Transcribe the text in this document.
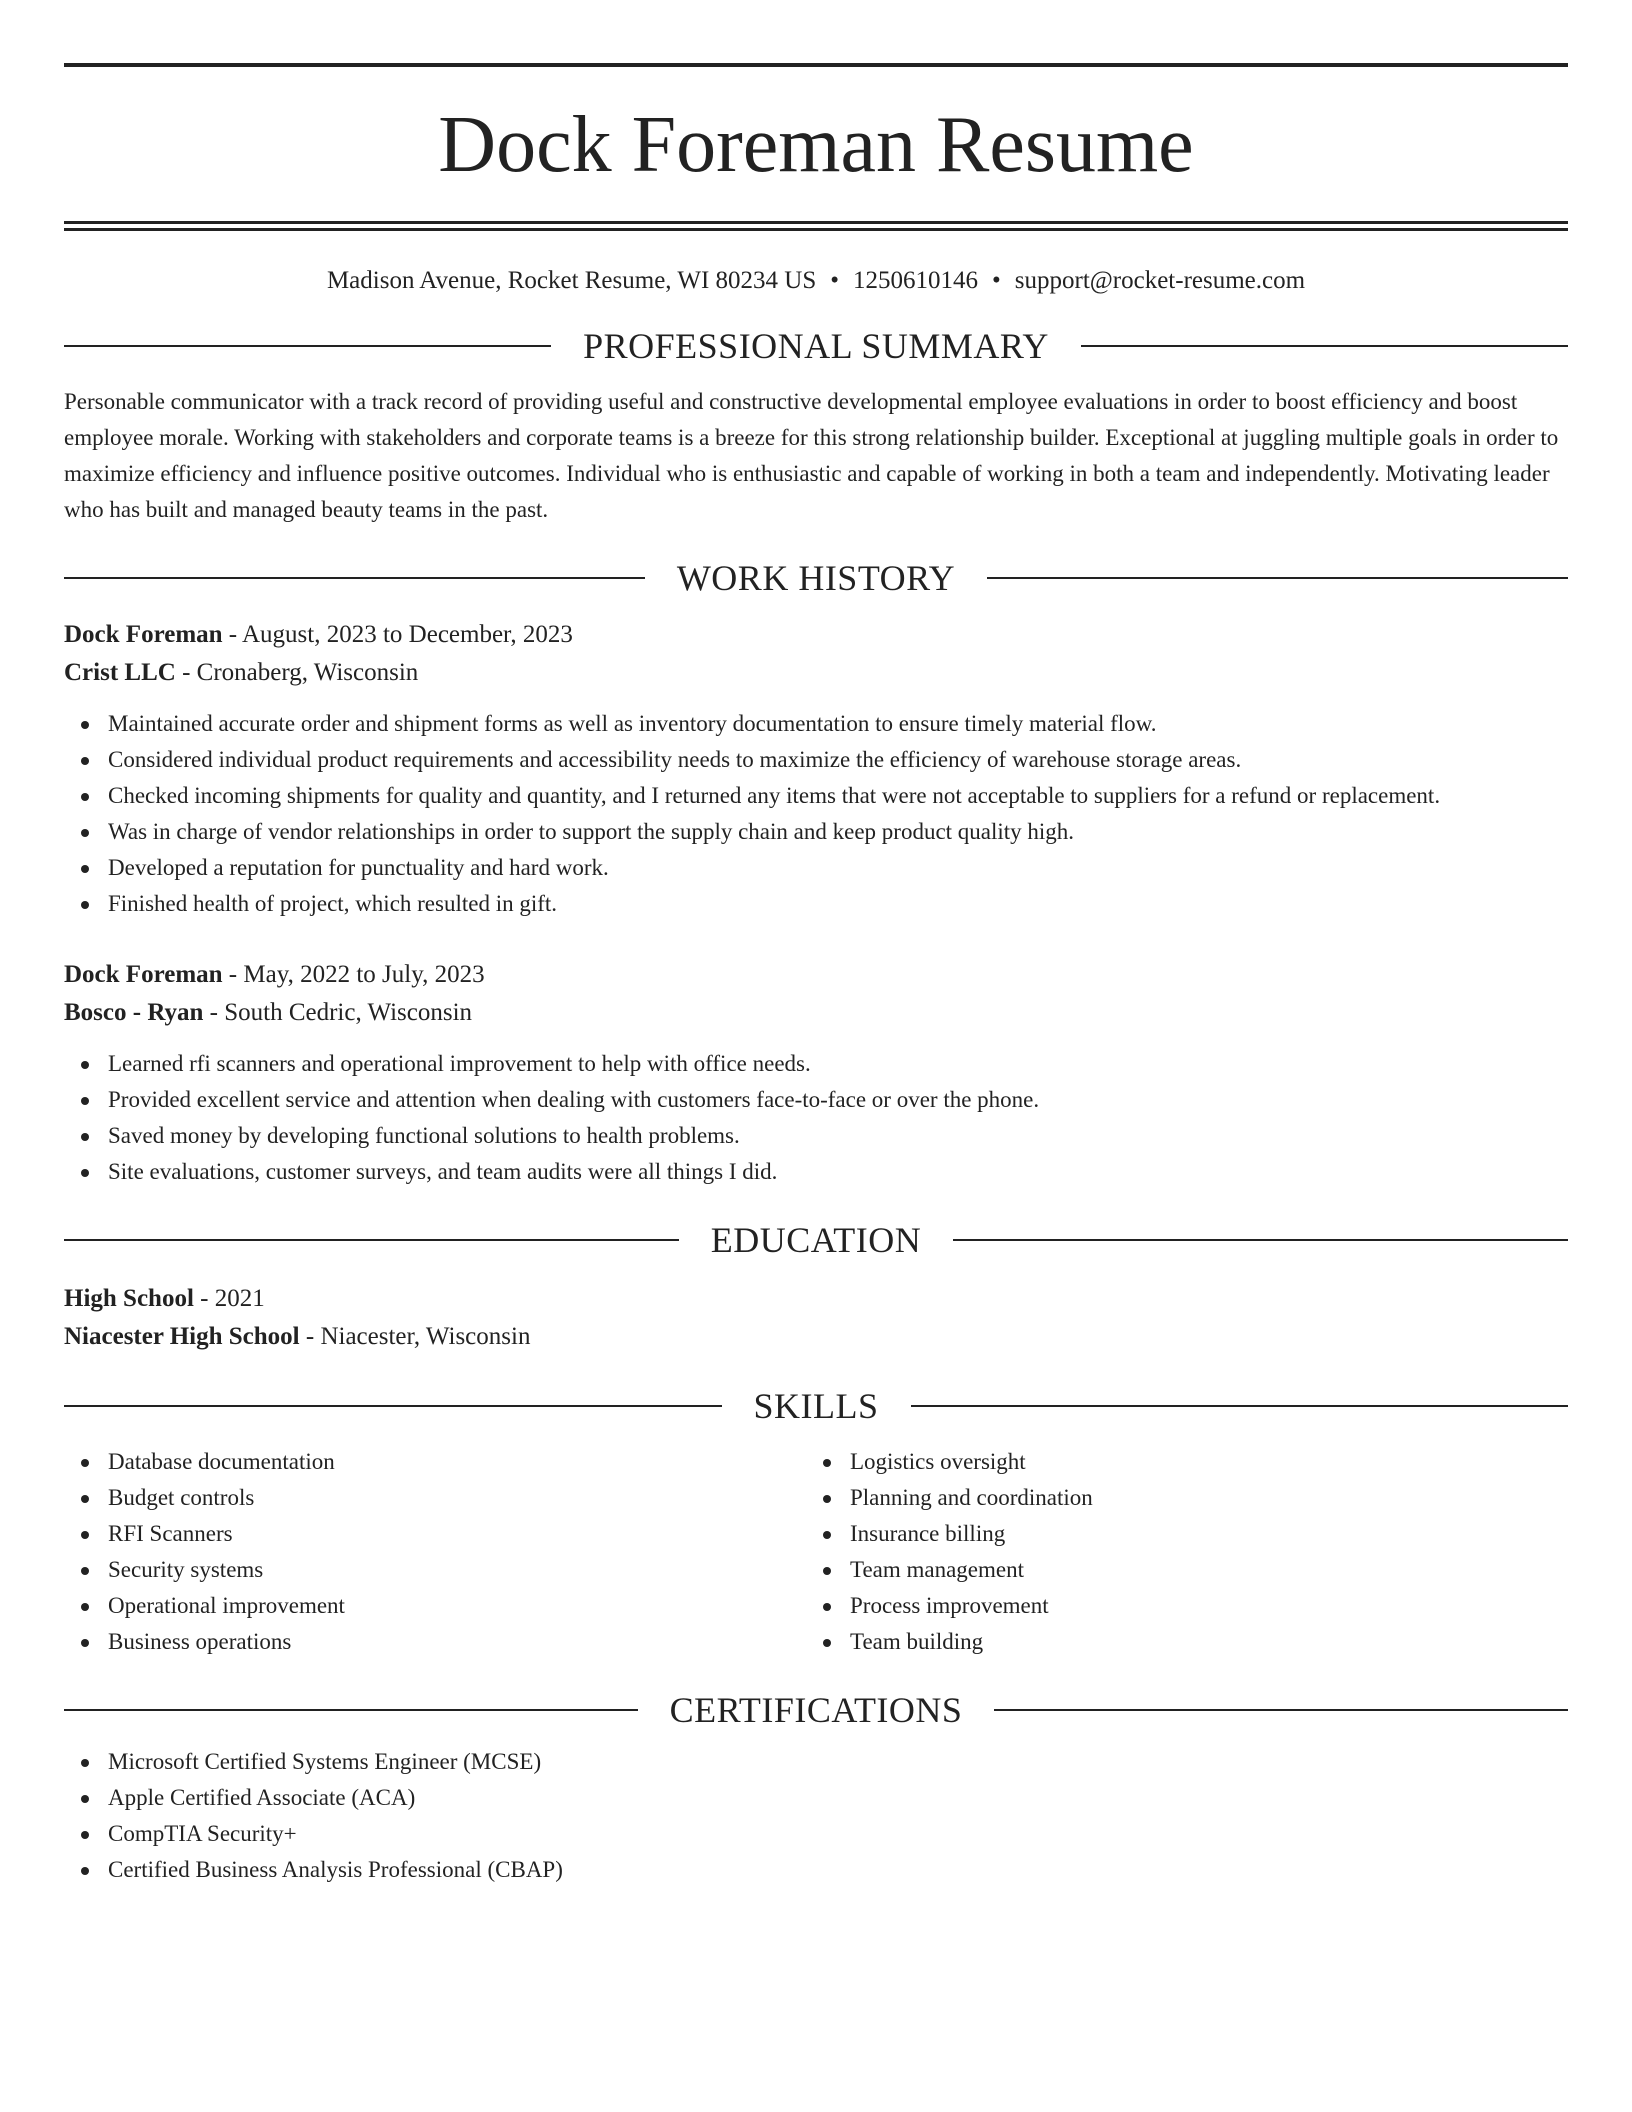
Dock Foreman Resume
Madison Avenue, Rocket Resume, WI 80234 US • 1250610146 • support@rocket-resume.com
PROFESSIONAL SUMMARY

Personable communicator with a track record of providing useful and constructive developmental employee evaluations in order to boost efficiency and boost employee morale. Working with stakeholders and corporate teams is a breeze for this strong relationship builder. Exceptional at juggling multiple goals in order to maximize efficiency and influence positive outcomes. Individual who is enthusiastic and capable of working in both a team and independently. Motivating leader who has built and managed beauty teams in the past.

WORK HISTORY
Dock Foreman - August, 2023 to December, 2023
Crist LLC - Cronaberg, Wisconsin
Maintained accurate order and shipment forms as well as inventory documentation to ensure timely material flow.
Considered individual product requirements and accessibility needs to maximize the efficiency of warehouse storage areas.
Checked incoming shipments for quality and quantity, and I returned any items that were not acceptable to suppliers for a refund or replacement.
Was in charge of vendor relationships in order to support the supply chain and keep product quality high.
Developed a reputation for punctuality and hard work.
Finished health of project, which resulted in gift.
Dock Foreman - May, 2022 to July, 2023
Bosco - Ryan - South Cedric, Wisconsin
Learned rfi scanners and operational improvement to help with office needs.
Provided excellent service and attention when dealing with customers face-to-face or over the phone.
Saved money by developing functional solutions to health problems.
Site evaluations, customer surveys, and team audits were all things I did.
EDUCATION
High School - 2021
Niacester High School - Niacester, Wisconsin
SKILLS
Database documentation
Budget controls
RFI Scanners
Security systems
Operational improvement
Business operations
Logistics oversight
Planning and coordination
Insurance billing
Team management
Process improvement
Team building
CERTIFICATIONS
Microsoft Certified Systems Engineer (MCSE)
Apple Certified Associate (ACA)
CompTIA Security+
Certified Business Analysis Professional (CBAP)
